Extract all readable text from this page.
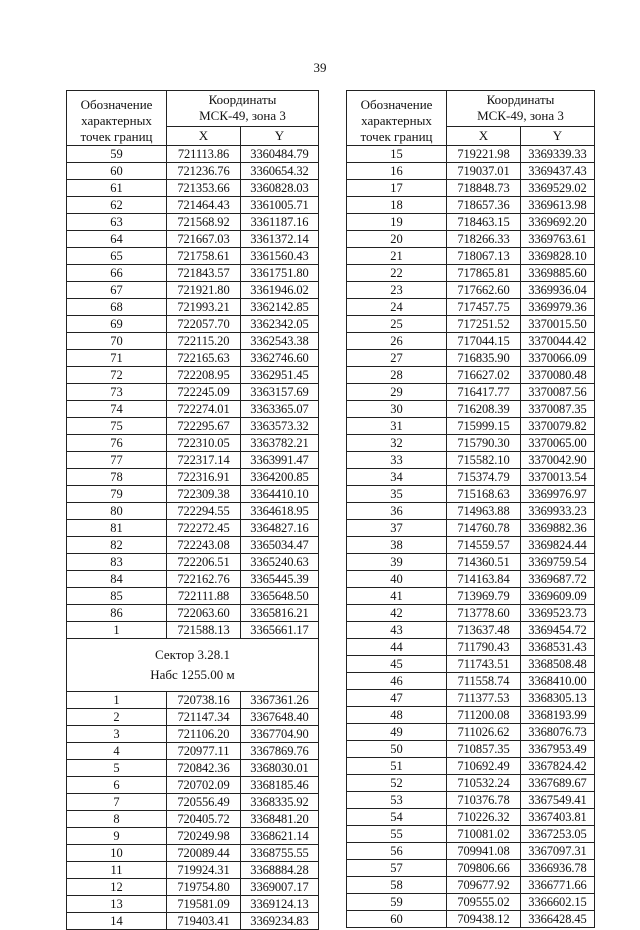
39
Обозначение
характерных
точек границ	Координаты
МСК-49, зона 3	

	X	Y
59	721113.86	3360484.79
60	721236.76	3360654.32
61	721353.66	3360828.03
62	721464.43	3361005.71
63	721568.92	3361187.16
64	721667.03	3361372.14
65	721758.61	3361560.43
66	721843.57	3361751.80
67	721921.80	3361946.02
68	721993.21	3362142.85
69	722057.70	3362342.05
70	722115.20	3362543.38
71	722165.63	3362746.60
72	722208.95	3362951.45
73	722245.09	3363157.69
74	722274.01	3363365.07
75	722295.67	3363573.32
76	722310.05	3363782.21
77	722317.14	3363991.47
78	722316.91	3364200.85
79	722309.38	3364410.10
80	722294.55	3364618.95
81	722272.45	3364827.16
82	722243.08	3365034.47
83	722206.51	3365240.63
84	722162.76	3365445.39
85	722111.88	3365648.50
86	722063.60	3365816.21
1	721588.13	3365661.17

Сектор 3.28.1
Набс 1255.00 м		

1	720738.16	3367361.26
2	721147.34	3367648.40
3	721106.20	3367704.90
4	720977.11	3367869.76
5	720842.36	3368030.01
6	720702.09	3368185.46
7	720556.49	3368335.92
8	720405.72	3368481.20
9	720249.98	3368621.14
10	720089.44	3368755.55
11	719924.31	3368884.28
12	719754.80	3369007.17
13	719581.09	3369124.13
14	719403.41	3369234.83
Обозначение
характерных
точек границ	Координаты
МСК-49, зона 3	

	X	Y
15	719221.98	3369339.33
16	719037.01	3369437.43
17	718848.73	3369529.02
18	718657.36	3369613.98
19	718463.15	3369692.20
20	718266.33	3369763.61
21	718067.13	3369828.10
22	717865.81	3369885.60
23	717662.60	3369936.04
24	717457.75	3369979.36
25	717251.52	3370015.50
26	717044.15	3370044.42
27	716835.90	3370066.09
28	716627.02	3370080.48
29	716417.77	3370087.56
30	716208.39	3370087.35
31	715999.15	3370079.82
32	715790.30	3370065.00
33	715582.10	3370042.90
34	715374.79	3370013.54
35	715168.63	3369976.97
36	714963.88	3369933.23
37	714760.78	3369882.36
38	714559.57	3369824.44
39	714360.51	3369759.54
40	714163.84	3369687.72
41	713969.79	3369609.09
42	713778.60	3369523.73
43	713637.48	3369454.72
44	711790.43	3368531.43
45	711743.51	3368508.48
46	711558.74	3368410.00
47	711377.53	3368305.13
48	711200.08	3368193.99
49	711026.62	3368076.73
50	710857.35	3367953.49
51	710692.49	3367824.42
52	710532.24	3367689.67
53	710376.78	3367549.41
54	710226.32	3367403.81
55	710081.02	3367253.05
56	709941.08	3367097.31
57	709806.66	3366936.78
58	709677.92	3366771.66
59	709555.02	3366602.15
60	709438.12	3366428.45
